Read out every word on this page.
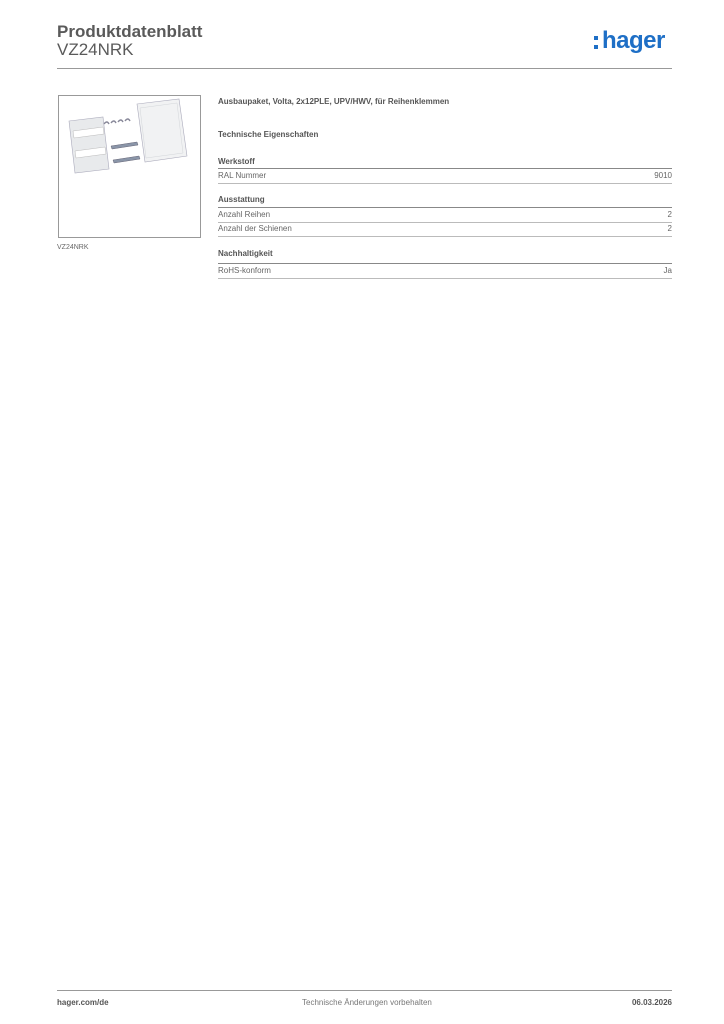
Produktdatenblatt
VZ24NRK	hager
VZ24NRK
Ausbaupaket, Volta, 2x12PLE, UPV/HWV, für Reihenklemmen
Technische Eigenschaften
Werkstoff
RAL Nummer	9010
Ausstattung
Anzahl Reihen	2
Anzahl der Schienen	2
Nachhaltigkeit
RoHS-konform	Ja
hager.com/de	Technische Änderungen vorbehalten	06.03.2026
